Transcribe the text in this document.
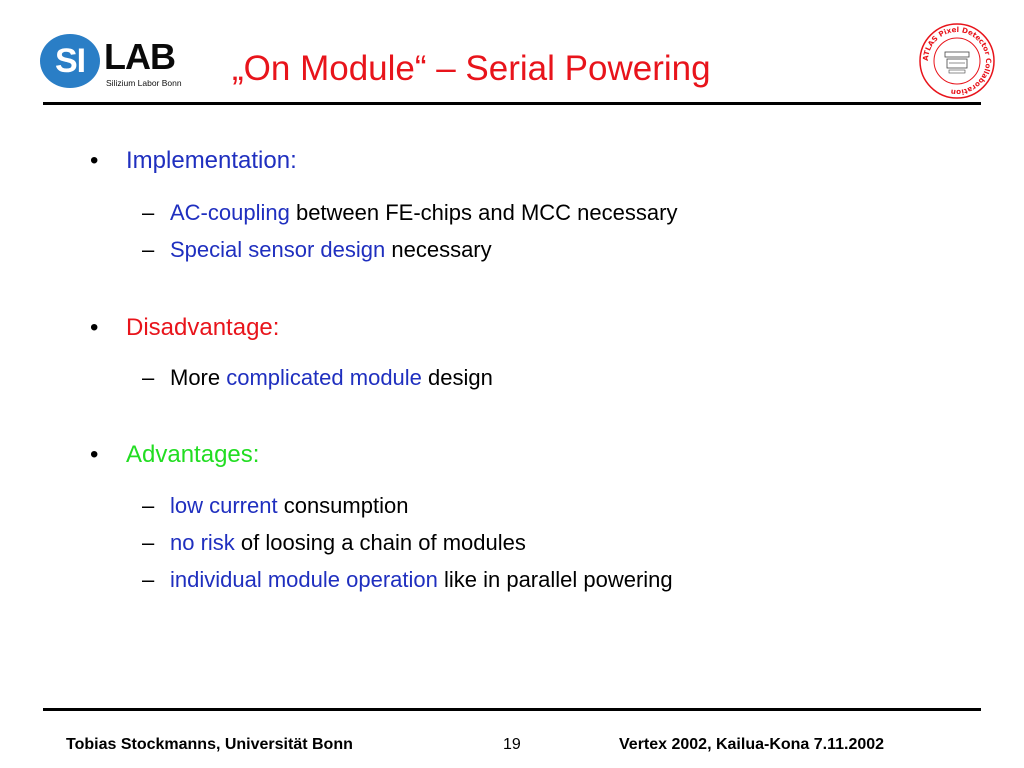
SI LAB
Silizium Labor Bonn „On Module“ – Serial Powering	ATLAS Pixel Detector Collaboration
• Implementation:
– AC-coupling between FE-chips and MCC necessary
– Special sensor design necessary
• Disadvantage:
– More complicated module design
• Advantages:
– low current consumption
– no risk of loosing a chain of modules
– individual module operation like in parallel powering
Tobias Stockmanns, Universität Bonn	19	Vertex 2002, Kailua-Kona 7.11.2002
